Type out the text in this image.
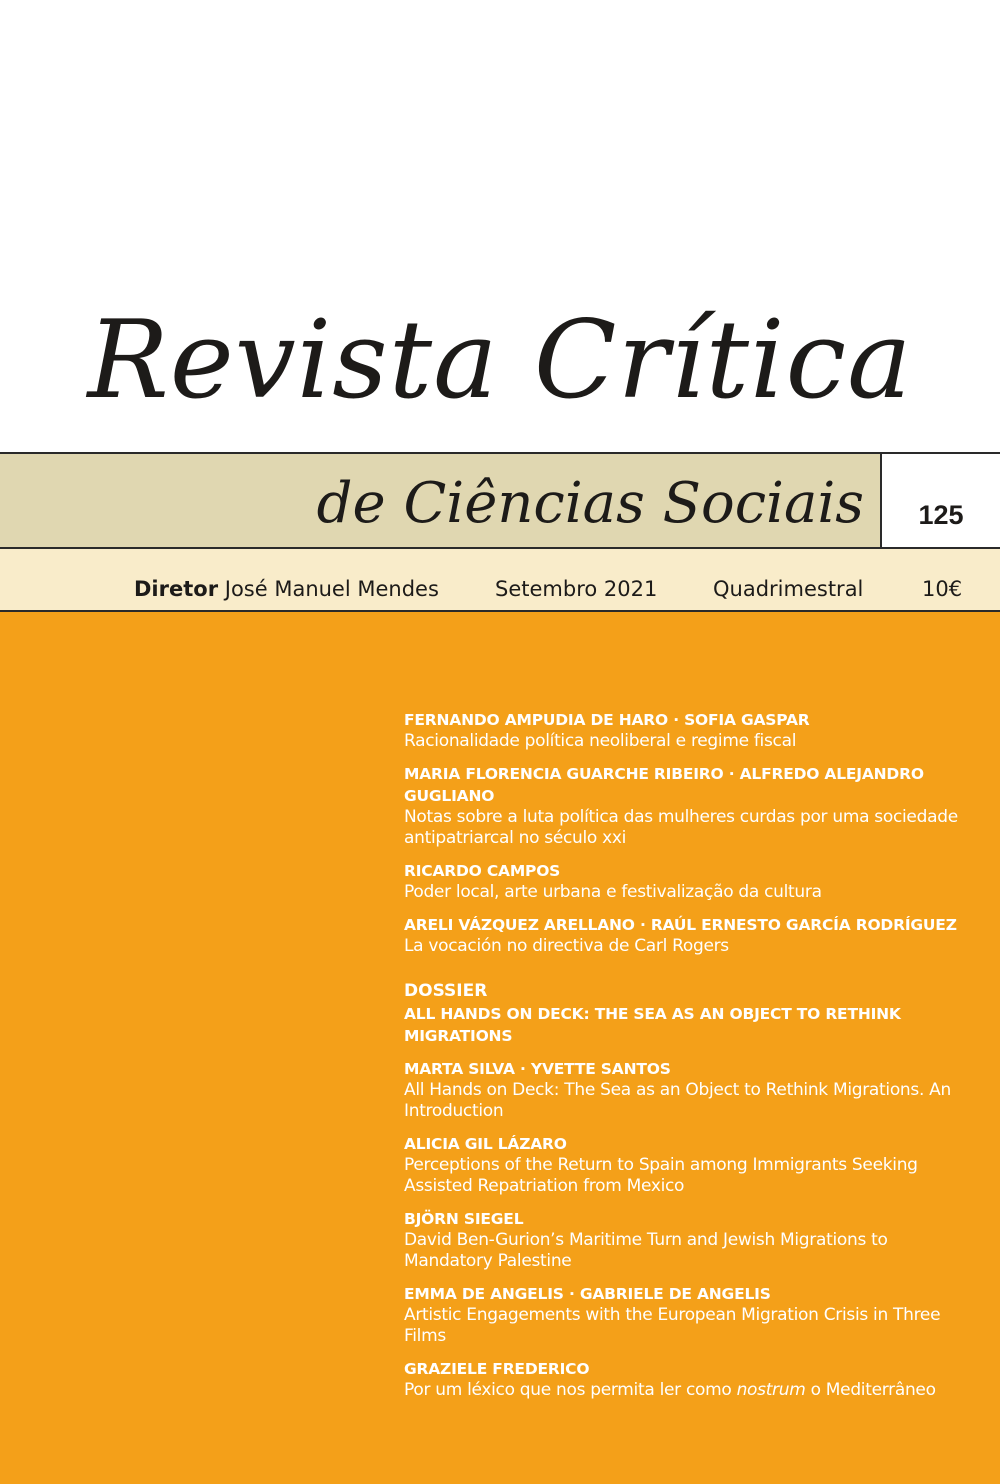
Revista Crítica
de Ciências Sociais	125
Diretor José Manuel Mendes	Setembro 2021	Quadrimestral	10€
FERNANDO AMPUDIA DE HARO · SOFIA GASPAR
Racionalidade política neoliberal e regime fiscal
MARIA FLORENCIA GUARCHE RIBEIRO · ALFREDO ALEJANDRO GUGLIANO
Notas sobre a luta política das mulheres curdas por uma sociedade antipatriarcal no século xxi
RICARDO CAMPOS
Poder local, arte urbana e festivalização da cultura
ARELI VÁZQUEZ ARELLANO · RAÚL ERNESTO GARCÍA RODRÍGUEZ
La vocación no directiva de Carl Rogers
DOSSIER
ALL HANDS ON DECK: THE SEA AS AN OBJECT TO RETHINK MIGRATIONS
MARTA SILVA · YVETTE SANTOS
All Hands on Deck: The Sea as an Object to Rethink Migrations. An Introduction
ALICIA GIL LÁZARO
Perceptions of the Return to Spain among Immigrants Seeking Assisted Repatriation from Mexico
BJÖRN SIEGEL
David Ben-Gurion’s Maritime Turn and Jewish Migrations to Mandatory Palestine
EMMA DE ANGELIS · GABRIELE DE ANGELIS
Artistic Engagements with the European Migration Crisis in Three Films
GRAZIELE FREDERICO
Por um léxico que nos permita ler como nostrum o Mediterrâneo
